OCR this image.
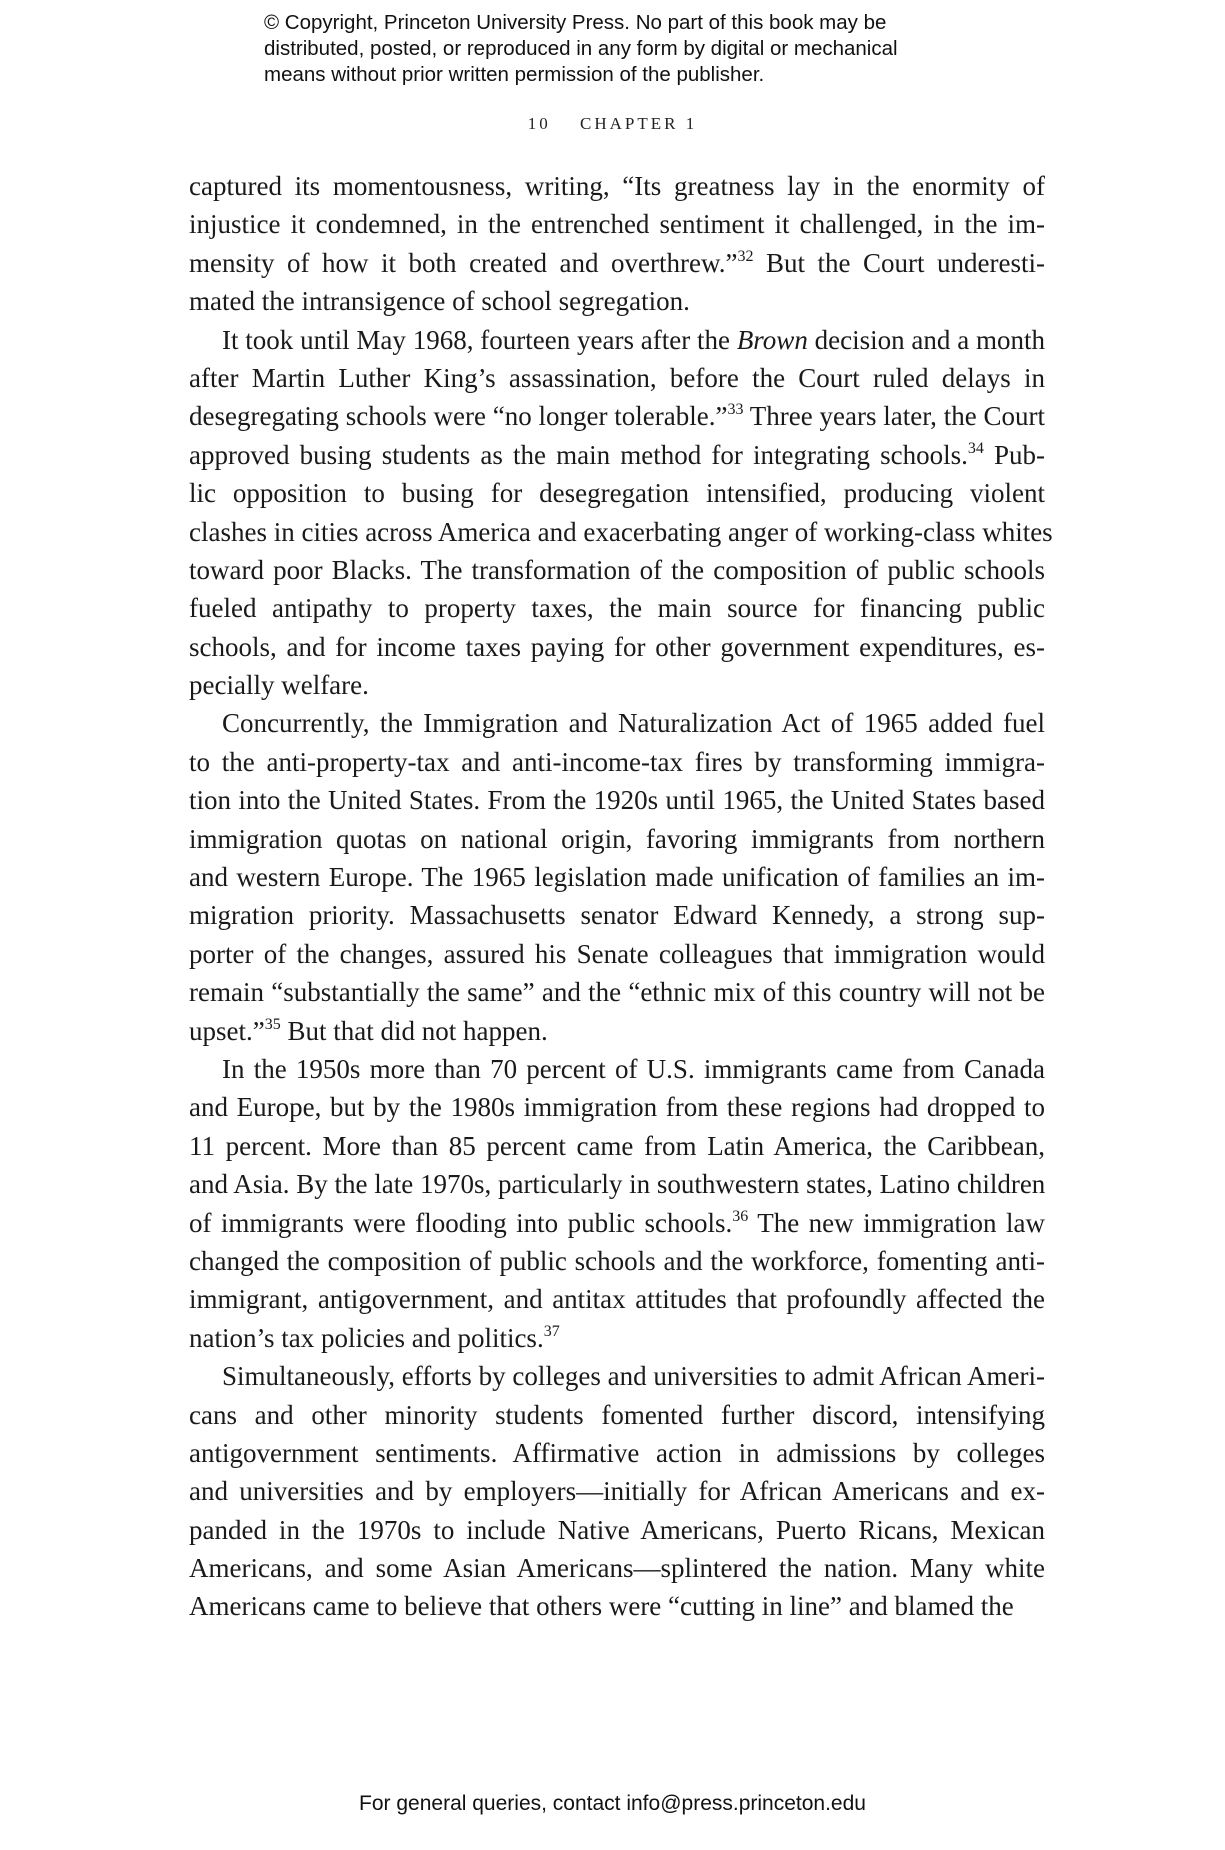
© Copyright, Princeton University Press. No part of this book may be
distributed, posted, or reproduced in any form by digital or mechanical
means without prior written permission of the publisher.
10 CHAPTER 1
captured its momentousness, writing, “Its greatness lay in the enormity of
injustice it condemned, in the entrenched sentiment it challenged, in the im-
mensity of how it both created and overthrew.”$^{32}$ But the Court underesti-
mated the intransigence of school segregation.
It took until May 1968, fourteen years after the Brown decision and a month
after Martin Luther King’s assassination, before the Court ruled delays in
desegregating schools were “no longer tolerable.”$^{33}$ Three years later, the Court
approved busing students as the main method for integrating schools.$^{34}$ Pub-
lic opposition to busing for desegregation intensified, producing violent
clashes in cities across America and exacerbating anger of working-class whites
toward poor Blacks. The transformation of the composition of public schools
fueled antipathy to property taxes, the main source for financing public
schools, and for income taxes paying for other government expenditures, es-
pecially welfare.
Concurrently, the Immigration and Naturalization Act of 1965 added fuel
to the anti-property-tax and anti-income-tax fires by transforming immigra-
tion into the United States. From the 1920s until 1965, the United States based
immigration quotas on national origin, favoring immigrants from northern
and western Europe. The 1965 legislation made unification of families an im-
migration priority. Massachusetts senator Edward Kennedy, a strong sup-
porter of the changes, assured his Senate colleagues that immigration would
remain “substantially the same” and the “ethnic mix of this country will not be
upset.”$^{35}$ But that did not happen.
In the 1950s more than 70 percent of U.S. immigrants came from Canada
and Europe, but by the 1980s immigration from these regions had dropped to
11 percent. More than 85 percent came from Latin America, the Caribbean,
and Asia. By the late 1970s, particularly in southwestern states, Latino children
of immigrants were flooding into public schools.$^{36}$ The new immigration law
changed the composition of public schools and the workforce, fomenting anti-
immigrant, antigovernment, and antitax attitudes that profoundly affected the
nation’s tax policies and politics.$^{37}$
Simultaneously, efforts by colleges and universities to admit African Ameri-
cans and other minority students fomented further discord, intensifying
antigovernment sentiments. Affirmative action in admissions by colleges
and universities and by employers—initially for African Americans and ex-
panded in the 1970s to include Native Americans, Puerto Ricans, Mexican
Americans, and some Asian Americans—splintered the nation. Many white
Americans came to believe that others were “cutting in line” and blamed the
For general queries, contact info@press.princeton.edu
